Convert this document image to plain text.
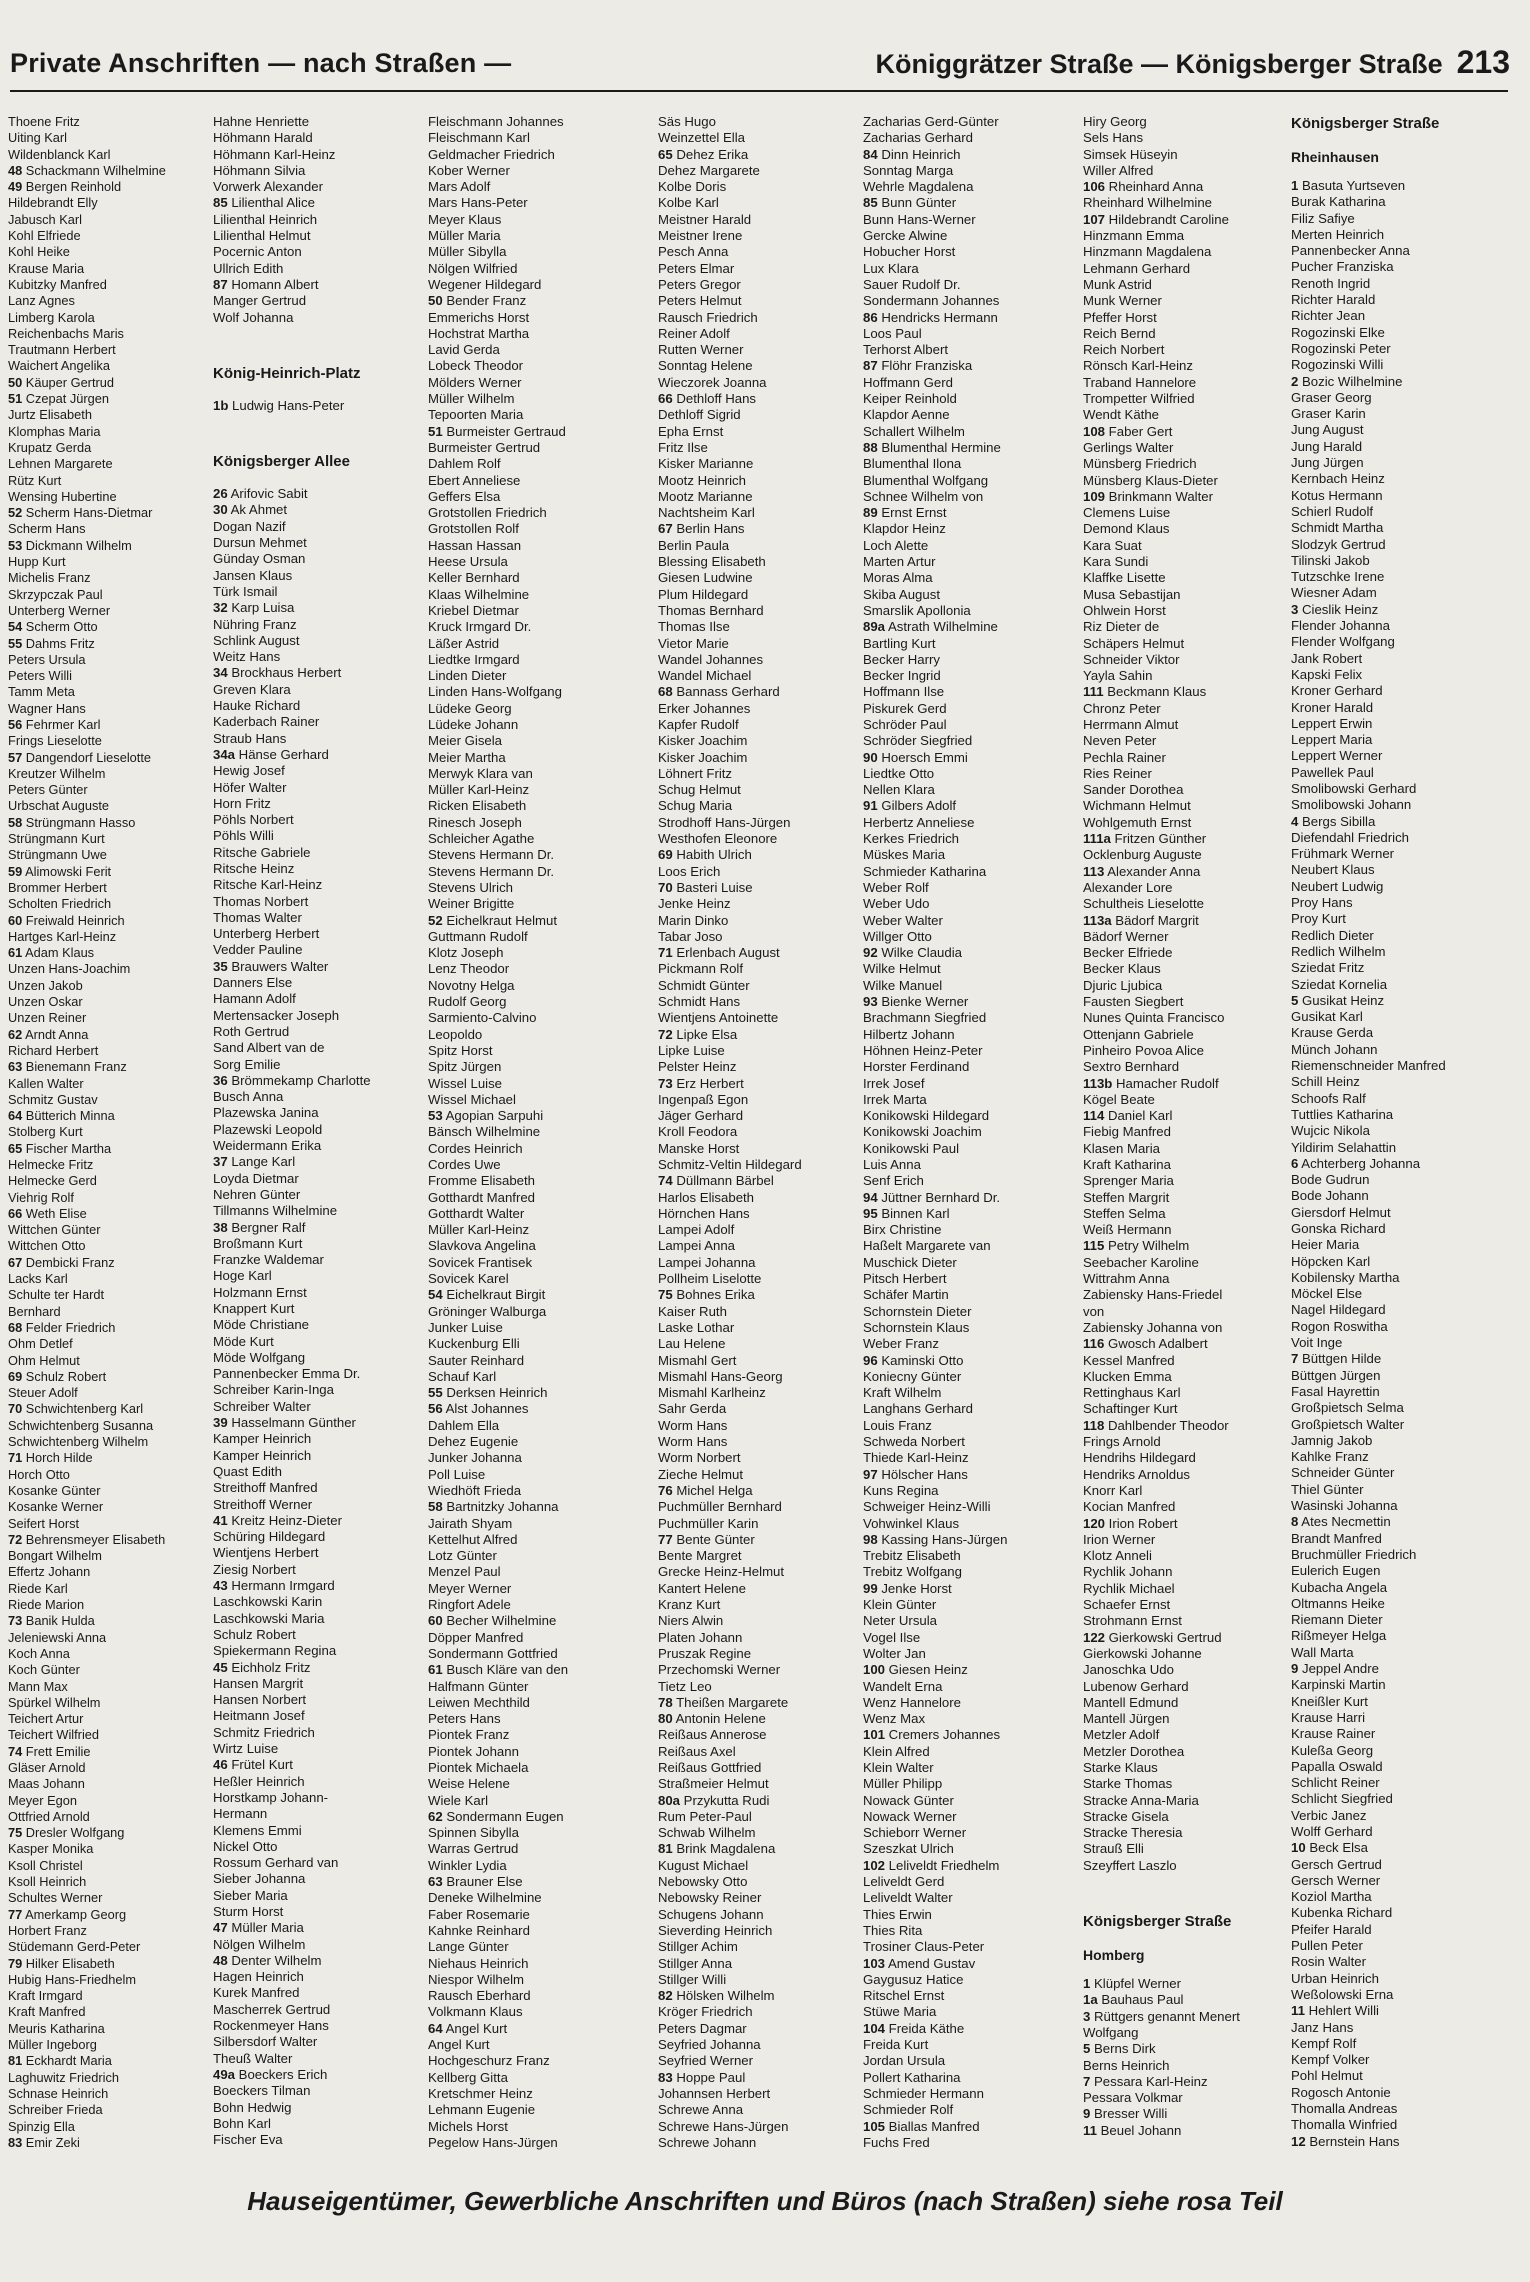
Private Anschriften — nach Straßen —	Königgrätzer Straße — Königsberger Straße 213
Thoene Fritz
Uiting Karl
Wildenblanck Karl
48 Schackmann Wilhelmine
49 Bergen Reinhold
Hildebrandt Elly
Jabusch Karl
Kohl Elfriede
Kohl Heike
Krause Maria
Kubitzky Manfred
Lanz Agnes
Limberg Karola
Reichenbachs Maris
Trautmann Herbert
Waichert Angelika
50 Käuper Gertrud
51 Czepat Jürgen
Jurtz Elisabeth
Klomphas Maria
Krupatz Gerda
Lehnen Margarete
Rütz Kurt
Wensing Hubertine
52 Scherm Hans-Dietmar
Scherm Hans
53 Dickmann Wilhelm
Hupp Kurt
Michelis Franz
Skrzypczak Paul
Unterberg Werner
54 Scherm Otto
55 Dahms Fritz
Peters Ursula
Peters Willi
Tamm Meta
Wagner Hans
56 Fehrmer Karl
Frings Lieselotte
57 Dangendorf Lieselotte
Kreutzer Wilhelm
Peters Günter
Urbschat Auguste
58 Strüngmann Hasso
Strüngmann Kurt
Strüngmann Uwe
59 Alimowski Ferit
Brommer Herbert
Scholten Friedrich
60 Freiwald Heinrich
Hartges Karl-Heinz
61 Adam Klaus
Unzen Hans-Joachim
Unzen Jakob
Unzen Oskar
Unzen Reiner
62 Arndt Anna
Richard Herbert
63 Bienemann Franz
Kallen Walter
Schmitz Gustav
64 Bütterich Minna
Stolberg Kurt
65 Fischer Martha
Helmecke Fritz
Helmecke Gerd
Viehrig Rolf
66 Weth Elise
Wittchen Günter
Wittchen Otto
67 Dembicki Franz
Lacks Karl
Schulte ter Hardt
Bernhard
68 Felder Friedrich
Ohm Detlef
Ohm Helmut
69 Schulz Robert
Steuer Adolf
70 Schwichtenberg Karl
Schwichtenberg Susanna
Schwichtenberg Wilhelm
71 Horch Hilde
Horch Otto
Kosanke Günter
Kosanke Werner
Seifert Horst
72 Behrensmeyer Elisabeth
Bongart Wilhelm
Effertz Johann
Riede Karl
Riede Marion
73 Banik Hulda
Jeleniewski Anna
Koch Anna
Koch Günter
Mann Max
Spürkel Wilhelm
Teichert Artur
Teichert Wilfried
74 Frett Emilie
Gläser Arnold
Maas Johann
Meyer Egon
Ottfried Arnold
75 Dresler Wolfgang
Kasper Monika
Ksoll Christel
Ksoll Heinrich
Schultes Werner
77 Amerkamp Georg
Horbert Franz
Stüdemann Gerd-Peter
79 Hilker Elisabeth
Hubig Hans-Friedhelm
Kraft Irmgard
Kraft Manfred
Meuris Katharina
Müller Ingeborg
81 Eckhardt Maria
Laghuwitz Friedrich
Schnase Heinrich
Schreiber Frieda
Spinzig Ella
83 Emir Zeki
Hahne Henriette
Höhmann Harald
Höhmann Karl-Heinz
Höhmann Silvia
Vorwerk Alexander
85 Lilienthal Alice
Lilienthal Heinrich
Lilienthal Helmut
Pocernic Anton
Ullrich Edith
87 Homann Albert
Manger Gertrud
Wolf Johanna
König-Heinrich-Platz
1b Ludwig Hans-Peter
Königsberger Allee
26 Arifovic Sabit
30 Ak Ahmet
Dogan Nazif
Dursun Mehmet
Günday Osman
Jansen Klaus
Türk Ismail
32 Karp Luisa
Nühring Franz
Schlink August
Weitz Hans
34 Brockhaus Herbert
Greven Klara
Hauke Richard
Kaderbach Rainer
Straub Hans
34a Hänse Gerhard
Hewig Josef
Höfer Walter
Horn Fritz
Pöhls Norbert
Pöhls Willi
Ritsche Gabriele
Ritsche Heinz
Ritsche Karl-Heinz
Thomas Norbert
Thomas Walter
Unterberg Herbert
Vedder Pauline
35 Brauwers Walter
Danners Else
Hamann Adolf
Mertensacker Joseph
Roth Gertrud
Sand Albert van de
Sorg Emilie
36 Brömmekamp Charlotte
Busch Anna
Plazewska Janina
Plazewski Leopold
Weidermann Erika
37 Lange Karl
Loyda Dietmar
Nehren Günter
Tillmanns Wilhelmine
38 Bergner Ralf
Broßmann Kurt
Franzke Waldemar
Hoge Karl
Holzmann Ernst
Knappert Kurt
Möde Christiane
Möde Kurt
Möde Wolfgang
Pannenbecker Emma Dr.
Schreiber Karin-Inga
Schreiber Walter
39 Hasselmann Günther
Kamper Heinrich
Kamper Heinrich
Quast Edith
Streithoff Manfred
Streithoff Werner
41 Kreitz Heinz-Dieter
Schüring Hildegard
Wientjens Herbert
Ziesig Norbert
43 Hermann Irmgard
Laschkowski Karin
Laschkowski Maria
Schulz Robert
Spiekermann Regina
45 Eichholz Fritz
Hansen Margrit
Hansen Norbert
Heitmann Josef
Schmitz Friedrich
Wirtz Luise
46 Frütel Kurt
Heßler Heinrich
Horstkamp Johann-
Hermann
Klemens Emmi
Nickel Otto
Rossum Gerhard van
Sieber Johanna
Sieber Maria
Sturm Horst
47 Müller Maria
Nölgen Wilhelm
48 Denter Wilhelm
Hagen Heinrich
Kurek Manfred
Mascherrek Gertrud
Rockenmeyer Hans
Silbersdorf Walter
Theuß Walter
49a Boeckers Erich
Boeckers Tilman
Bohn Hedwig
Bohn Karl
Fischer Eva
Fleischmann Johannes
Fleischmann Karl
Geldmacher Friedrich
Kober Werner
Mars Adolf
Mars Hans-Peter
Meyer Klaus
Müller Maria
Müller Sibylla
Nölgen Wilfried
Wegener Hildegard
50 Bender Franz
Emmerichs Horst
Hochstrat Martha
Lavid Gerda
Lobeck Theodor
Mölders Werner
Müller Wilhelm
Tepoorten Maria
51 Burmeister Gertraud
Burmeister Gertrud
Dahlem Rolf
Ebert Anneliese
Geffers Elsa
Grotstollen Friedrich
Grotstollen Rolf
Hassan Hassan
Heese Ursula
Keller Bernhard
Klaas Wilhelmine
Kriebel Dietmar
Kruck Irmgard Dr.
Läßer Astrid
Liedtke Irmgard
Linden Dieter
Linden Hans-Wolfgang
Lüdeke Georg
Lüdeke Johann
Meier Gisela
Meier Martha
Merwyk Klara van
Müller Karl-Heinz
Ricken Elisabeth
Rinesch Joseph
Schleicher Agathe
Stevens Hermann Dr.
Stevens Hermann Dr.
Stevens Ulrich
Weiner Brigitte
52 Eichelkraut Helmut
Guttmann Rudolf
Klotz Joseph
Lenz Theodor
Novotny Helga
Rudolf Georg
Sarmiento-Calvino
Leopoldo
Spitz Horst
Spitz Jürgen
Wissel Luise
Wissel Michael
53 Agopian Sarpuhi
Bänsch Wilhelmine
Cordes Heinrich
Cordes Uwe
Fromme Elisabeth
Gotthardt Manfred
Gotthardt Walter
Müller Karl-Heinz
Slavkova Angelina
Sovicek Frantisek
Sovicek Karel
54 Eichelkraut Birgit
Gröninger Walburga
Junker Luise
Kuckenburg Elli
Sauter Reinhard
Schauf Karl
55 Derksen Heinrich
56 Alst Johannes
Dahlem Ella
Dehez Eugenie
Junker Johanna
Poll Luise
Wiedhöft Frieda
58 Bartnitzky Johanna
Jairath Shyam
Kettelhut Alfred
Lotz Günter
Menzel Paul
Meyer Werner
Ringfort Adele
60 Becher Wilhelmine
Döpper Manfred
Sondermann Gottfried
61 Busch Kläre van den
Halfmann Günter
Leiwen Mechthild
Peters Hans
Piontek Franz
Piontek Johann
Piontek Michaela
Weise Helene
Wiele Karl
62 Sondermann Eugen
Spinnen Sibylla
Warras Gertrud
Winkler Lydia
63 Brauner Else
Deneke Wilhelmine
Faber Rosemarie
Kahnke Reinhard
Lange Günter
Niehaus Heinrich
Niespor Wilhelm
Rausch Eberhard
Volkmann Klaus
64 Angel Kurt
Angel Kurt
Hochgeschurz Franz
Kellberg Gitta
Kretschmer Heinz
Lehmann Eugenie
Michels Horst
Pegelow Hans-Jürgen
Säs Hugo
Weinzettel Ella
65 Dehez Erika
Dehez Margarete
Kolbe Doris
Kolbe Karl
Meistner Harald
Meistner Irene
Pesch Anna
Peters Elmar
Peters Gregor
Peters Helmut
Rausch Friedrich
Reiner Adolf
Rutten Werner
Sonntag Helene
Wieczorek Joanna
66 Dethloff Hans
Dethloff Sigrid
Epha Ernst
Fritz Ilse
Kisker Marianne
Mootz Heinrich
Mootz Marianne
Nachtsheim Karl
67 Berlin Hans
Berlin Paula
Blessing Elisabeth
Giesen Ludwine
Plum Hildegard
Thomas Bernhard
Thomas Ilse
Vietor Marie
Wandel Johannes
Wandel Michael
68 Bannass Gerhard
Erker Johannes
Kapfer Rudolf
Kisker Joachim
Kisker Joachim
Löhnert Fritz
Schug Helmut
Schug Maria
Strodhoff Hans-Jürgen
Westhofen Eleonore
69 Habith Ulrich
Loos Erich
70 Basteri Luise
Jenke Heinz
Marin Dinko
Tabar Joso
71 Erlenbach August
Pickmann Rolf
Schmidt Günter
Schmidt Hans
Wientjens Antoinette
72 Lipke Elsa
Lipke Luise
Pelster Heinz
73 Erz Herbert
Ingenpaß Egon
Jäger Gerhard
Kroll Feodora
Manske Horst
Schmitz-Veltin Hildegard
74 Düllmann Bärbel
Harlos Elisabeth
Hörnchen Hans
Lampei Adolf
Lampei Anna
Lampei Johanna
Pollheim Liselotte
75 Bohnes Erika
Kaiser Ruth
Laske Lothar
Lau Helene
Mismahl Gert
Mismahl Hans-Georg
Mismahl Karlheinz
Sahr Gerda
Worm Hans
Worm Hans
Worm Norbert
Zieche Helmut
76 Michel Helga
Puchmüller Bernhard
Puchmüller Karin
77 Bente Günter
Bente Margret
Grecke Heinz-Helmut
Kantert Helene
Kranz Kurt
Niers Alwin
Platen Johann
Pruszak Regine
Przechomski Werner
Tietz Leo
78 Theißen Margarete
80 Antonin Helene
Reißaus Annerose
Reißaus Axel
Reißaus Gottfried
Straßmeier Helmut
80a Przykutta Rudi
Rum Peter-Paul
Schwab Wilhelm
81 Brink Magdalena
Kugust Michael
Nebowsky Otto
Nebowsky Reiner
Schugens Johann
Sieverding Heinrich
Stillger Achim
Stillger Anna
Stillger Willi
82 Hölsken Wilhelm
Kröger Friedrich
Peters Dagmar
Seyfried Johanna
Seyfried Werner
83 Hoppe Paul
Johannsen Herbert
Schrewe Anna
Schrewe Hans-Jürgen
Schrewe Johann
Zacharias Gerd-Günter
Zacharias Gerhard
84 Dinn Heinrich
Sonntag Marga
Wehrle Magdalena
85 Bunn Günter
Bunn Hans-Werner
Gercke Alwine
Hobucher Horst
Lux Klara
Sauer Rudolf Dr.
Sondermann Johannes
86 Hendricks Hermann
Loos Paul
Terhorst Albert
87 Flöhr Franziska
Hoffmann Gerd
Keiper Reinhold
Klapdor Aenne
Schallert Wilhelm
88 Blumenthal Hermine
Blumenthal Ilona
Blumenthal Wolfgang
Schnee Wilhelm von
89 Ernst Ernst
Klapdor Heinz
Loch Alette
Marten Artur
Moras Alma
Skiba August
Smarslik Apollonia
89a Astrath Wilhelmine
Bartling Kurt
Becker Harry
Becker Ingrid
Hoffmann Ilse
Piskurek Gerd
Schröder Paul
Schröder Siegfried
90 Hoersch Emmi
Liedtke Otto
Nellen Klara
91 Gilbers Adolf
Herbertz Anneliese
Kerkes Friedrich
Müskes Maria
Schmieder Katharina
Weber Rolf
Weber Udo
Weber Walter
Willger Otto
92 Wilke Claudia
Wilke Helmut
Wilke Manuel
93 Bienke Werner
Brachmann Siegfried
Hilbertz Johann
Höhnen Heinz-Peter
Horster Ferdinand
Irrek Josef
Irrek Marta
Konikowski Hildegard
Konikowski Joachim
Konikowski Paul
Luis Anna
Senf Erich
94 Jüttner Bernhard Dr.
95 Binnen Karl
Birx Christine
Haßelt Margarete van
Muschick Dieter
Pitsch Herbert
Schäfer Martin
Schornstein Dieter
Schornstein Klaus
Weber Franz
96 Kaminski Otto
Koniecny Günter
Kraft Wilhelm
Langhans Gerhard
Louis Franz
Schweda Norbert
Thiede Karl-Heinz
97 Hölscher Hans
Kuns Regina
Schweiger Heinz-Willi
Vohwinkel Klaus
98 Kassing Hans-Jürgen
Trebitz Elisabeth
Trebitz Wolfgang
99 Jenke Horst
Klein Günter
Neter Ursula
Vogel Ilse
Wolter Jan
100 Giesen Heinz
Wandelt Erna
Wenz Hannelore
Wenz Max
101 Cremers Johannes
Klein Alfred
Klein Walter
Müller Philipp
Nowack Günter
Nowack Werner
Schieborr Werner
Szeszkat Ulrich
102 Leliveldt Friedhelm
Leliveldt Gerd
Leliveldt Walter
Thies Erwin
Thies Rita
Trosiner Claus-Peter
103 Amend Gustav
Gaygusuz Hatice
Ritschel Ernst
Stüwe Maria
104 Freida Käthe
Freida Kurt
Jordan Ursula
Pollert Katharina
Schmieder Hermann
Schmieder Rolf
105 Biallas Manfred
Fuchs Fred
Hiry Georg
Sels Hans
Simsek Hüseyin
Willer Alfred
106 Rheinhard Anna
Rheinhard Wilhelmine
107 Hildebrandt Caroline
Hinzmann Emma
Hinzmann Magdalena
Lehmann Gerhard
Munk Astrid
Munk Werner
Pfeffer Horst
Reich Bernd
Reich Norbert
Rönsch Karl-Heinz
Traband Hannelore
Trompetter Wilfried
Wendt Käthe
108 Faber Gert
Gerlings Walter
Münsberg Friedrich
Münsberg Klaus-Dieter
109 Brinkmann Walter
Clemens Luise
Demond Klaus
Kara Suat
Kara Sundi
Klaffke Lisette
Musa Sebastijan
Ohlwein Horst
Riz Dieter de
Schäpers Helmut
Schneider Viktor
Yayla Sahin
111 Beckmann Klaus
Chronz Peter
Herrmann Almut
Neven Peter
Pechla Rainer
Ries Reiner
Sander Dorothea
Wichmann Helmut
Wohlgemuth Ernst
111a Fritzen Günther
Ocklenburg Auguste
113 Alexander Anna
Alexander Lore
Schultheis Lieselotte
113a Bädorf Margrit
Bädorf Werner
Becker Elfriede
Becker Klaus
Djuric Ljubica
Fausten Siegbert
Nunes Quinta Francisco
Ottenjann Gabriele
Pinheiro Povoa Alice
Sextro Bernhard
113b Hamacher Rudolf
Kögel Beate
114 Daniel Karl
Fiebig Manfred
Klasen Maria
Kraft Katharina
Sprenger Maria
Steffen Margrit
Steffen Selma
Weiß Hermann
115 Petry Wilhelm
Seebacher Karoline
Wittrahm Anna
Zabiensky Hans-Friedel
von
Zabiensky Johanna von
116 Gwosch Adalbert
Kessel Manfred
Klucken Emma
Rettinghaus Karl
Schaftinger Kurt
118 Dahlbender Theodor
Frings Arnold
Hendrihs Hildegard
Hendriks Arnoldus
Knorr Karl
Kocian Manfred
120 Irion Robert
Irion Werner
Klotz Anneli
Rychlik Johann
Rychlik Michael
Schaefer Ernst
Strohmann Ernst
122 Gierkowski Gertrud
Gierkowski Johanne
Janoschka Udo
Lubenow Gerhard
Mantell Edmund
Mantell Jürgen
Metzler Adolf
Metzler Dorothea
Starke Klaus
Starke Thomas
Stracke Anna-Maria
Stracke Gisela
Stracke Theresia
Strauß Elli
Szeyffert Laszlo
Königsberger Straße
Homberg
1 Klüpfel Werner
1a Bauhaus Paul
3 Rüttgers genannt Menert
Wolfgang
5 Berns Dirk
Berns Heinrich
7 Pessara Karl-Heinz
Pessara Volkmar
9 Bresser Willi
11 Beuel Johann
Königsberger Straße
Rheinhausen
1 Basuta Yurtseven
Burak Katharina
Filiz Safiye
Merten Heinrich
Pannenbecker Anna
Pucher Franziska
Renoth Ingrid
Richter Harald
Richter Jean
Rogozinski Elke
Rogozinski Peter
Rogozinski Willi
2 Bozic Wilhelmine
Graser Georg
Graser Karin
Jung August
Jung Harald
Jung Jürgen
Kernbach Heinz
Kotus Hermann
Schierl Rudolf
Schmidt Martha
Slodzyk Gertrud
Tilinski Jakob
Tutzschke Irene
Wiesner Adam
3 Cieslik Heinz
Flender Johanna
Flender Wolfgang
Jank Robert
Kapski Felix
Kroner Gerhard
Kroner Harald
Leppert Erwin
Leppert Maria
Leppert Werner
Pawellek Paul
Smolibowski Gerhard
Smolibowski Johann
4 Bergs Sibilla
Diefendahl Friedrich
Frühmark Werner
Neubert Klaus
Neubert Ludwig
Proy Hans
Proy Kurt
Redlich Dieter
Redlich Wilhelm
Sziedat Fritz
Sziedat Kornelia
5 Gusikat Heinz
Gusikat Karl
Krause Gerda
Münch Johann
Riemenschneider Manfred
Schill Heinz
Schoofs Ralf
Tuttlies Katharina
Wujcic Nikola
Yildirim Selahattin
6 Achterberg Johanna
Bode Gudrun
Bode Johann
Giersdorf Helmut
Gonska Richard
Heier Maria
Höpcken Karl
Kobilensky Martha
Möckel Else
Nagel Hildegard
Rogon Roswitha
Voit Inge
7 Büttgen Hilde
Büttgen Jürgen
Fasal Hayrettin
Großpietsch Selma
Großpietsch Walter
Jamnig Jakob
Kahlke Franz
Schneider Günter
Thiel Günter
Wasinski Johanna
8 Ates Necmettin
Brandt Manfred
Bruchmüller Friedrich
Eulerich Eugen
Kubacha Angela
Oltmanns Heike
Riemann Dieter
Rißmeyer Helga
Wall Marta
9 Jeppel Andre
Karpinski Martin
Kneißler Kurt
Krause Harri
Krause Rainer
Kuleßa Georg
Papalla Oswald
Schlicht Reiner
Schlicht Siegfried
Verbic Janez
Wolff Gerhard
10 Beck Elsa
Gersch Gertrud
Gersch Werner
Koziol Martha
Kubenka Richard
Pfeifer Harald
Pullen Peter
Rosin Walter
Urban Heinrich
Weßolowski Erna
11 Hehlert Willi
Janz Hans
Kempf Rolf
Kempf Volker
Pohl Helmut
Rogosch Antonie
Thomalla Andreas
Thomalla Winfried
12 Bernstein Hans
Hauseigentümer, Gewerbliche Anschriften und Büros (nach Straßen) siehe rosa Teil
